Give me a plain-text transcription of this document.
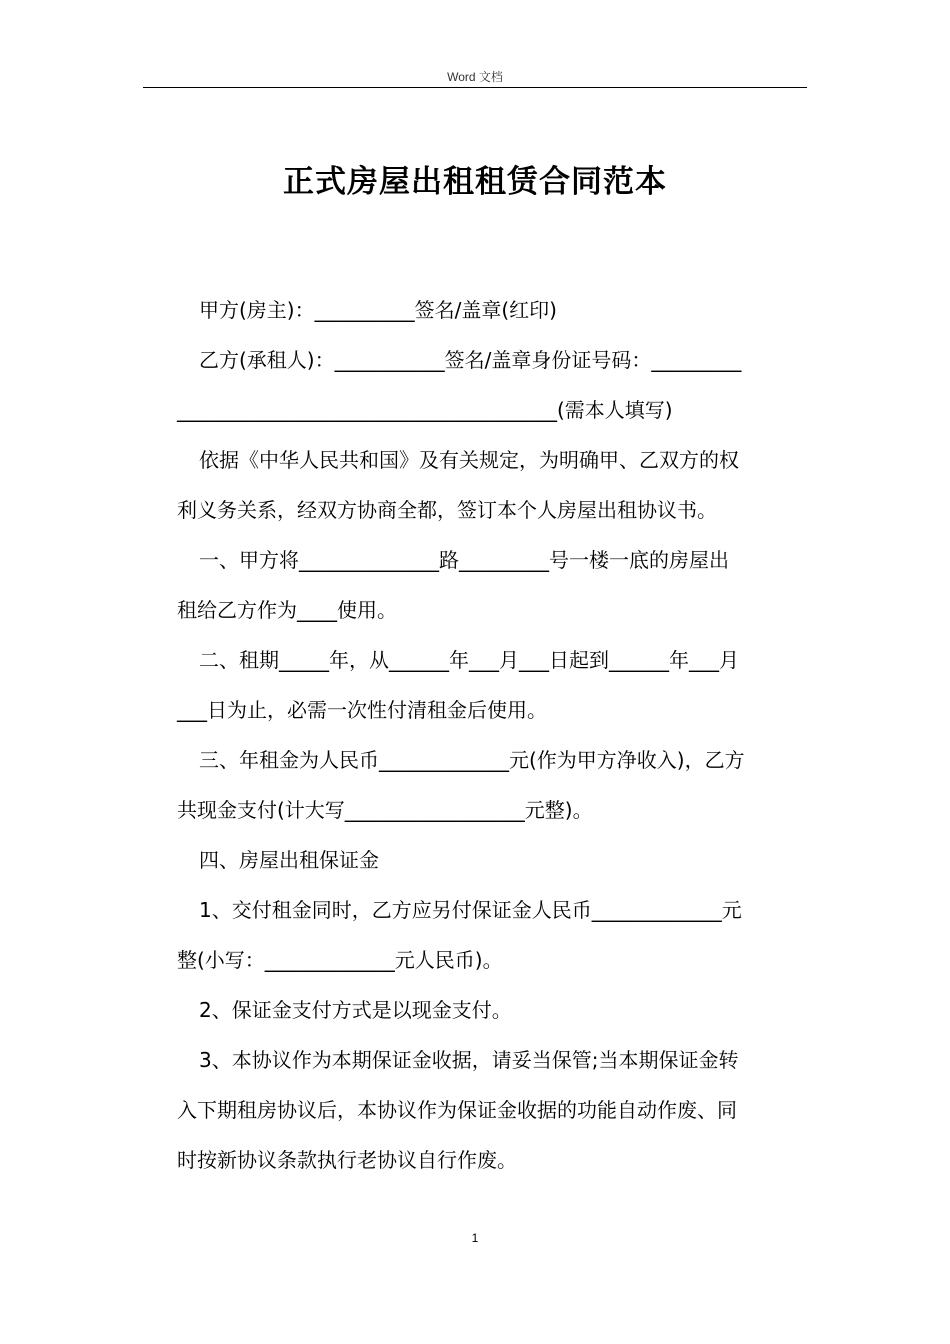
Word 文档
正式房屋出租租赁合同范本
甲方(房主)：__________签名/盖章(红印)
乙方(承租人)：___________签名/盖章身份证号码：_________
______________________________________(需本人填写)
依据《中华人民共和国》及有关规定，为明确甲、乙双方的权
利义务关系，经双方协商全都，签订本个人房屋出租协议书。
一、甲方将______________路_________号一楼一底的房屋出
租给乙方作为____使用。
二、租期_____年，从______年___月___日起到______年___月
___日为止，必需一次性付清租金后使用。
三、年租金为人民币_____________元(作为甲方净收入)，乙方
共现金支付(计大写__________________元整)。
四、房屋出租保证金
1、交付租金同时，乙方应另付保证金人民币_____________元
整(小写：_____________元人民币)。
2、保证金支付方式是以现金支付。
3、本协议作为本期保证金收据，请妥当保管;当本期保证金转
入下期租房协议后，本协议作为保证金收据的功能自动作废、同
时按新协议条款执行老协议自行作废。
1
